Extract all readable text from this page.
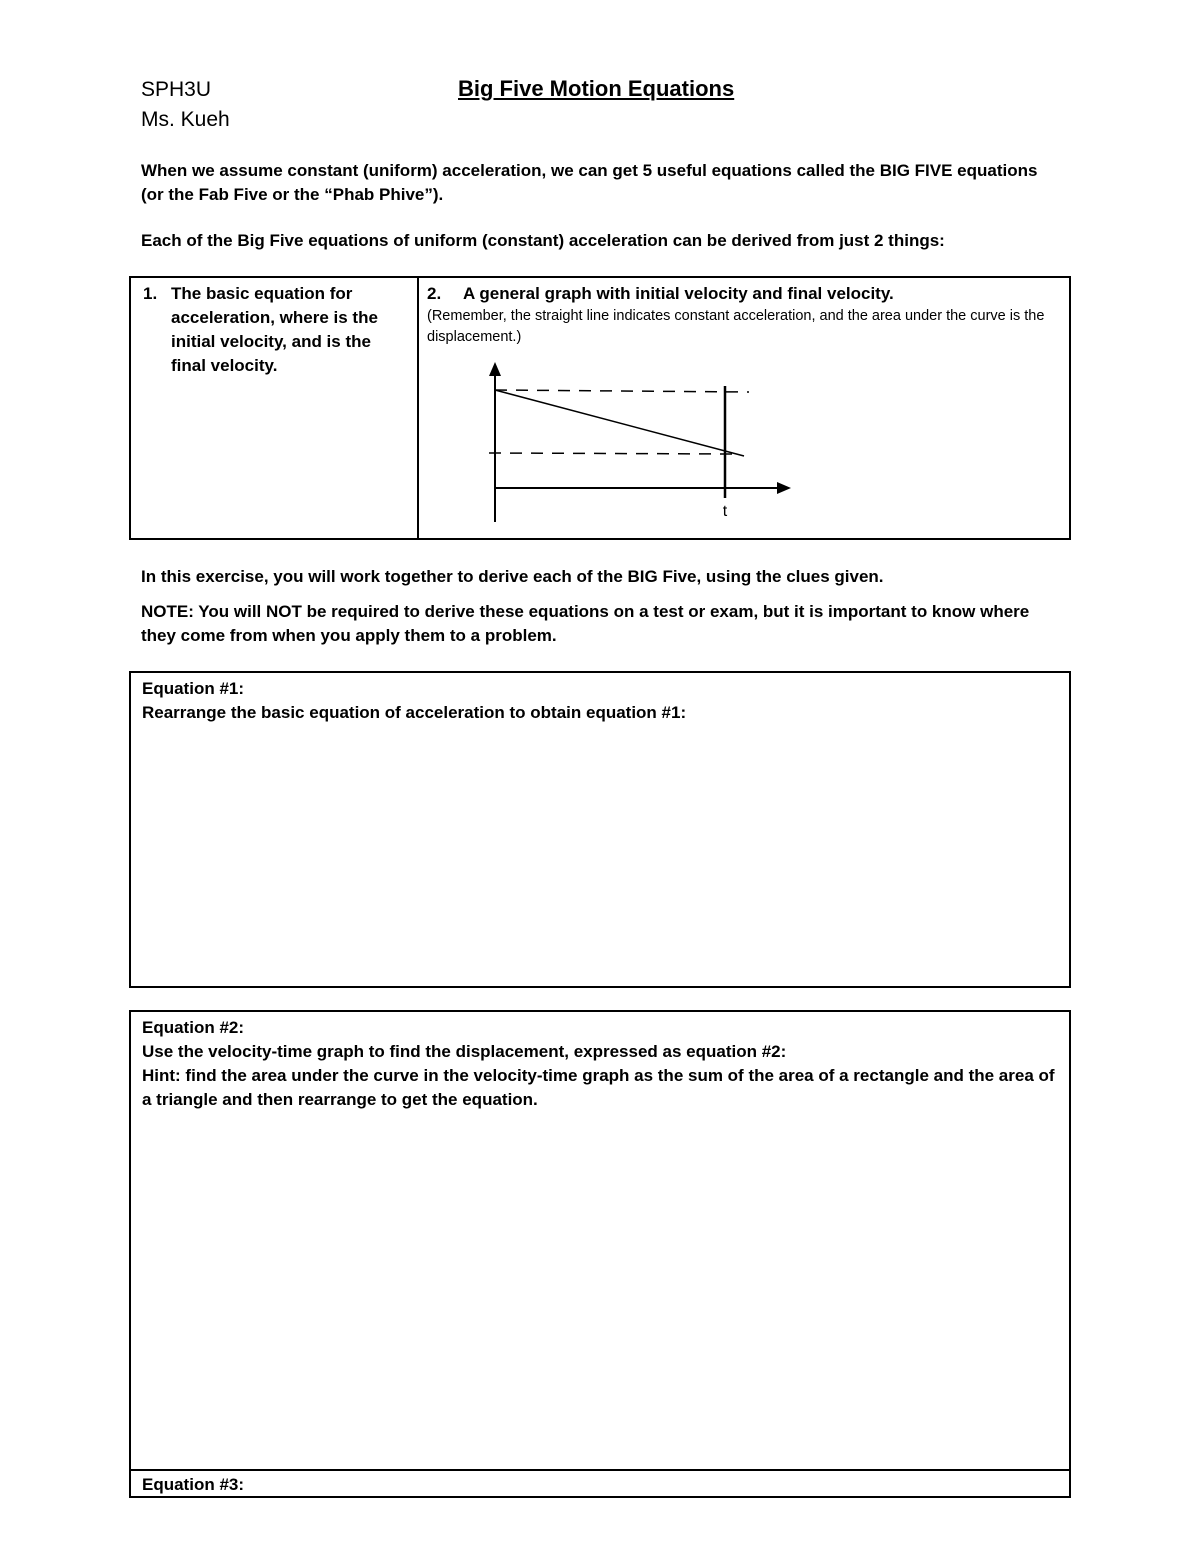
SPH3U
Ms. Kueh
Big Five Motion Equations
When we assume constant (uniform) acceleration, we can get 5 useful equations called the BIG FIVE equations (or the Fab Five or the “Phab Phive”).
Each of the Big Five equations of uniform (constant) acceleration can be derived from just 2 things:
1. The basic equation for acceleration, where is the initial velocity, and is the final velocity.
2. A general graph with initial velocity and final velocity.
(Remember, the straight line indicates constant acceleration, and the area under the curve is the displacement.)
t
In this exercise, you will work together to derive each of the BIG Five, using the clues given.
NOTE: You will NOT be required to derive these equations on a test or exam, but it is important to know where they come from when you apply them to a problem.
Equation #1:
Rearrange the basic equation of acceleration to obtain equation #1:
Equation #2:
Use the velocity-time graph to find the displacement, expressed as equation #2:
Hint: find the area under the curve in the velocity-time graph as the sum of the area of a rectangle and the area of a triangle and then rearrange to get the equation.
Equation #3:
